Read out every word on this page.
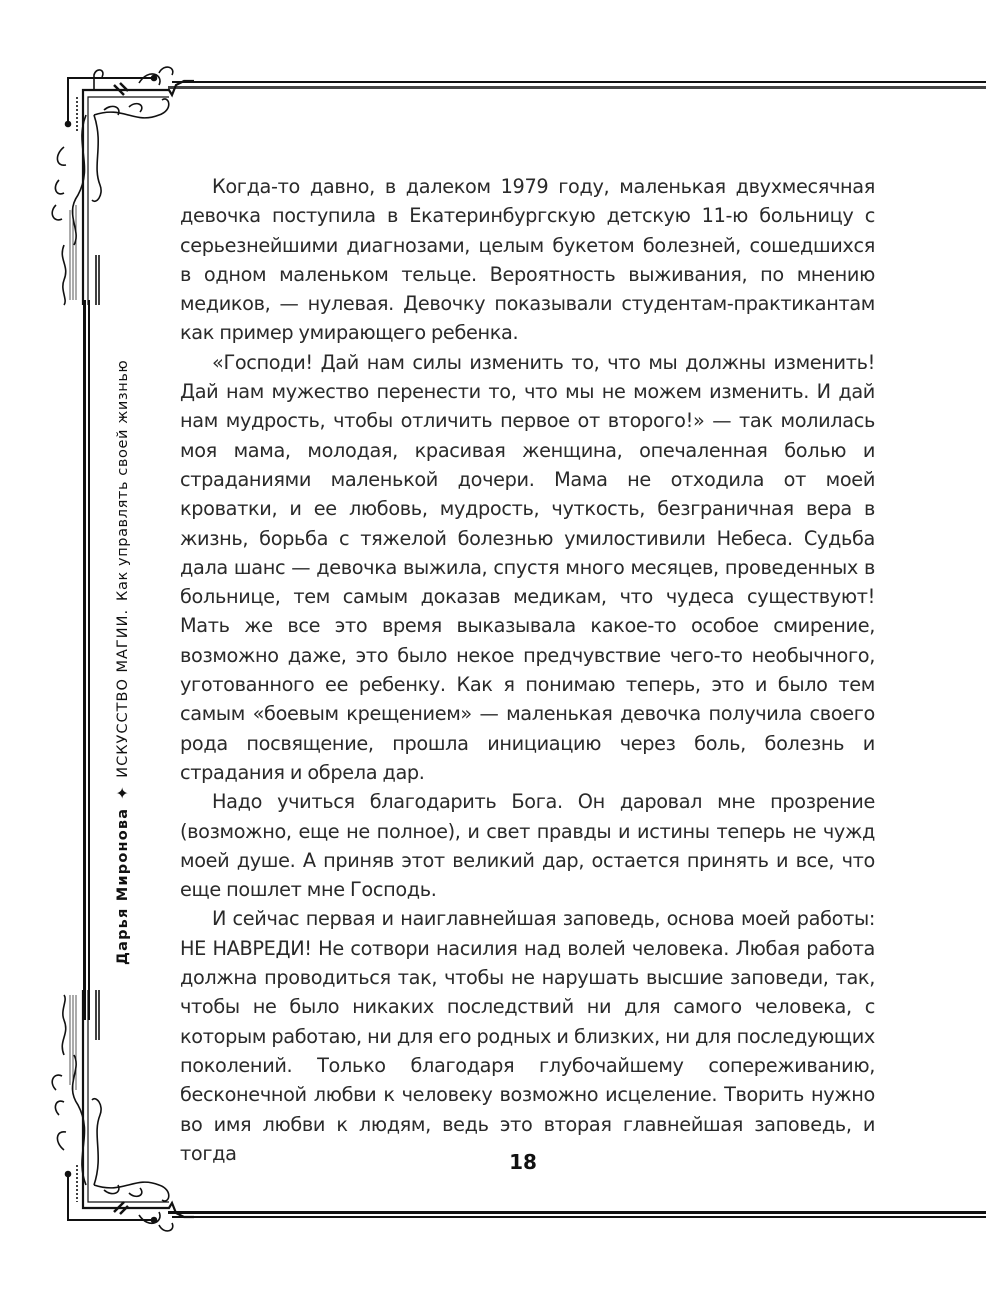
Дарья Миронова
✦
ИСКУССТВО МАГИИ.
Как управлять своей жизнью

Когда-то давно, в далеком 1979 году, маленькая двухмесячная девочка поступила в Екатеринбургскую детскую 11-ю больницу с серьезнейшими диагнозами, целым букетом болезней, сошедшихся в одном маленьком тельце. Вероятность выживания, по мнению медиков, — нулевая. Девочку показывали студентам-практикантам как пример умирающего ребенка.

«Господи! Дай нам силы изменить то, что мы должны изменить! Дай нам мужество перенести то, что мы не можем изменить. И дай нам мудрость, чтобы отличить первое от второго!» — так молилась моя мама, молодая, красивая женщина, опечаленная болью и страданиями маленькой дочери. Мама не отходила от моей кроватки, и ее любовь, мудрость, чуткость, безграничная вера в жизнь, борьба с тяжелой болезнью умилостивили Небеса. Судьба дала шанс — девочка выжила, спустя много месяцев, проведенных в больнице, тем самым доказав медикам, что чудеса существуют! Мать же все это время выказывала какое-то особое смирение, возможно даже, это было некое предчувствие чего-то необычного, уготованного ее ребенку. Как я понимаю теперь, это и было тем самым «боевым крещением» — маленькая девочка получила своего рода посвящение, прошла инициацию через боль, болезнь и страдания и обрела дар.

Надо учиться благодарить Бога. Он даровал мне прозрение (возможно, еще не полное), и свет правды и истины теперь не чужд моей душе. А приняв этот великий дар, остается принять и все, что еще пошлет мне Господь.

И сейчас первая и наиглавнейшая заповедь, основа моей работы: НЕ НАВРЕДИ! Не сотвори насилия над волей человека. Любая работа должна проводиться так, чтобы не нарушать высшие заповеди, так, чтобы не было никаких последствий ни для самого человека, с которым работаю, ни для его родных и близких, ни для последующих поколений. Только благодаря глубочайшему сопереживанию, бесконечной любви к человеку возможно исцеление. Творить нужно во имя любви к людям, ведь это вторая главнейшая заповедь, и тогда	18
